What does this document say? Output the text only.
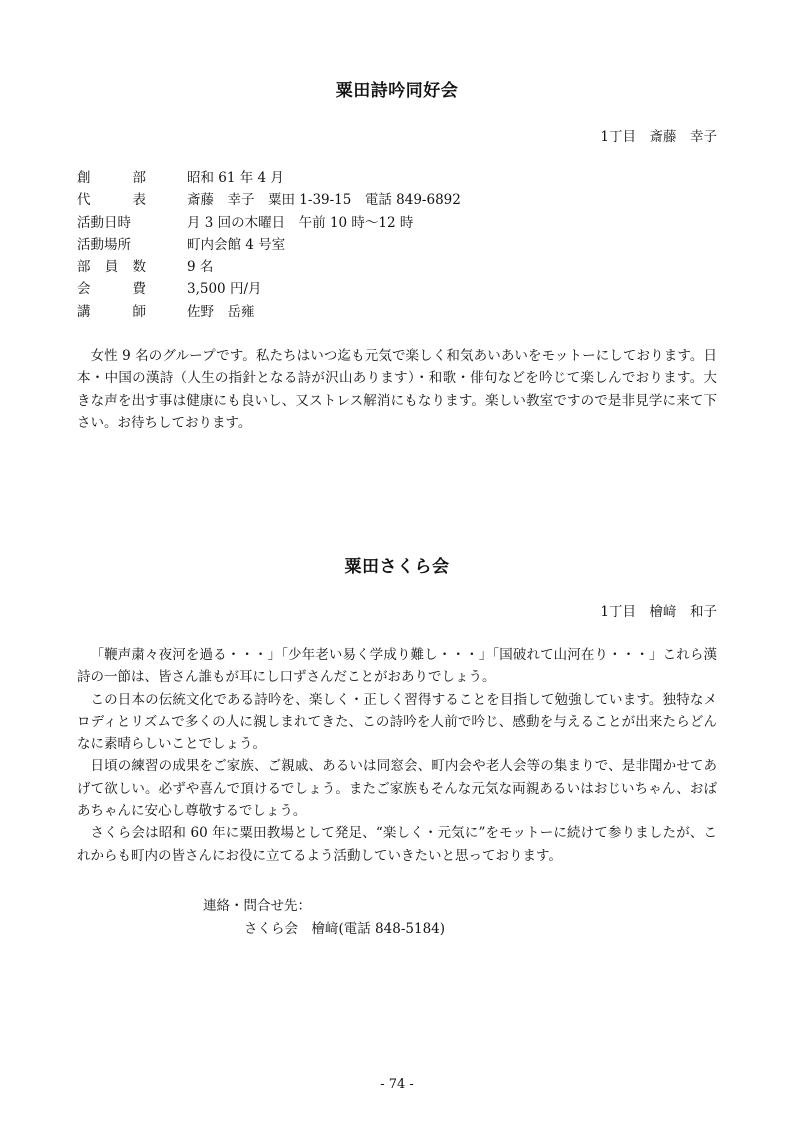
粟田詩吟同好会
1丁目　斎藤　幸子
創　部	昭和 61 年 4 月
代　表	斎藤　幸子　粟田 1-39-15　電話 849-6892
活動日時	月 3 回の木曜日　午前 10 時～12 時
活動場所	町内会館 4 号室
部員数	9 名
会　費	3,500 円/月
講　師	佐野　岳雍

女性 9 名のグループです。私たちはいつ迄も元気で楽しく和気あいあいをモットーにしております。日本・中国の漢詩（人生の指針となる詩が沢山あります）・和歌・俳句などを吟じて楽しんでおります。大きな声を出す事は健康にも良いし、又ストレス解消にもなります。楽しい教室ですので是非見学に来て下さい。お待ちしております。

粟田さくら会
1丁目　檜﨑　和子

「鞭声粛々夜河を過る・・・」「少年老い易く学成り難し・・・」「国破れて山河在り・・・」これら漢詩の一節は、皆さん誰もが耳にし口ずさんだことがおありでしょう。

この日本の伝統文化である詩吟を、楽しく・正しく習得することを目指して勉強しています。独特なメロディとリズムで多くの人に親しまれてきた、この詩吟を人前で吟じ、感動を与えることが出来たらどんなに素晴らしいことでしょう。

日頃の練習の成果をご家族、ご親戚、あるいは同窓会、町内会や老人会等の集まりで、是非聞かせてあげて欲しい。必ずや喜んで頂けるでしょう。またご家族もそんな元気な両親あるいはおじいちゃん、おばあちゃんに安心し尊敬するでしょう。

さくら会は昭和 60 年に粟田教場として発足、“楽しく・元気に”をモットーに続けて参りましたが、これからも町内の皆さんにお役に立てるよう活動していきたいと思っております。

連絡・問合せ先：
さくら会　檜﨑(電話 848-5184)
- 74 -
